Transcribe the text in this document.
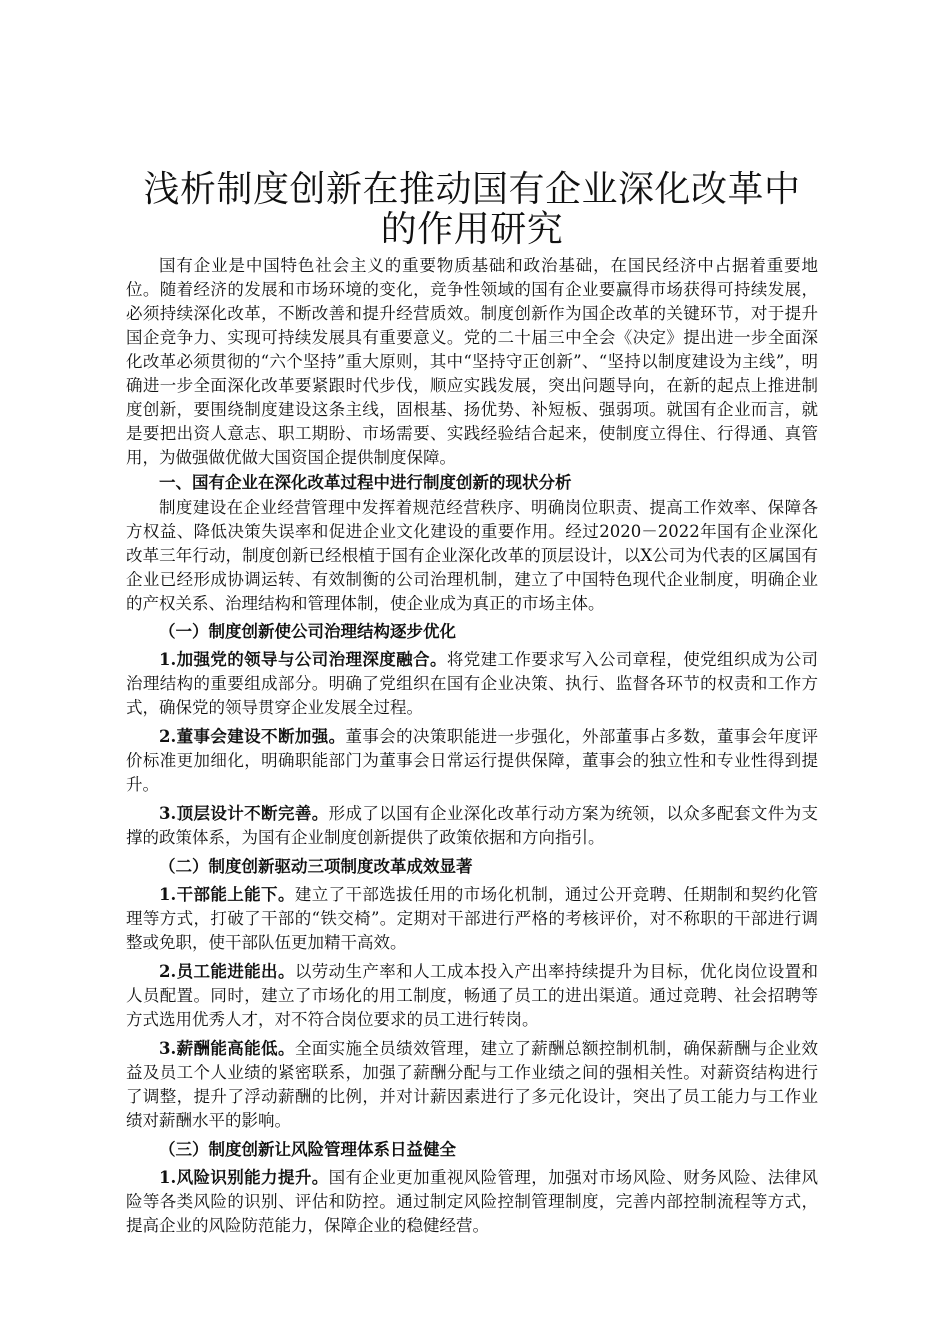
浅析制度创新在推动国有企业深化改革中的作用研究

国有企业是中国特色社会主义的重要物质基础和政治基础，在国民经济中占据着重要地位。随着经济的发展和市场环境的变化，竞争性领域的国有企业要赢得市场获得可持续发展，必须持续深化改革，不断改善和提升经营质效。制度创新作为国企改革的关键环节，对于提升国企竞争力、实现可持续发展具有重要意义。党的二十届三中全会《决定》提出进一步全面深化改革必须贯彻的“六个坚持”重大原则，其中“坚持守正创新”、“坚持以制度建设为主线”，明确进一步全面深化改革要紧跟时代步伐，顺应实践发展，突出问题导向，在新的起点上推进制度创新，要围绕制度建设这条主线，固根基、扬优势、补短板、强弱项。就国有企业而言，就是要把出资人意志、职工期盼、市场需要、实践经验结合起来，使制度立得住、行得通、真管用，为做强做优做大国资国企提供制度保障。

一、国有企业在深化改革过程中进行制度创新的现状分析

制度建设在企业经营管理中发挥着规范经营秩序、明确岗位职责、提高工作效率、保障各方权益、降低决策失误率和促进企业文化建设的重要作用。经过2020－2022年国有企业深化改革三年行动，制度创新已经根植于国有企业深化改革的顶层设计，以X公司为代表的区属国有企业已经形成协调运转、有效制衡的公司治理机制，建立了中国特色现代企业制度，明确企业的产权关系、治理结构和管理体制，使企业成为真正的市场主体。

（一）制度创新使公司治理结构逐步优化

1.加强党的领导与公司治理深度融合。将党建工作要求写入公司章程，使党组织成为公司治理结构的重要组成部分。明确了党组织在国有企业决策、执行、监督各环节的权责和工作方式，确保党的领导贯穿企业发展全过程。

2.董事会建设不断加强。董事会的决策职能进一步强化，外部董事占多数，董事会年度评价标准更加细化，明确职能部门为董事会日常运行提供保障，董事会的独立性和专业性得到提升。

3.顶层设计不断完善。形成了以国有企业深化改革行动方案为统领，以众多配套文件为支撑的政策体系，为国有企业制度创新提供了政策依据和方向指引。

（二）制度创新驱动三项制度改革成效显著

1.干部能上能下。建立了干部选拔任用的市场化机制，通过公开竞聘、任期制和契约化管理等方式，打破了干部的“铁交椅”。定期对干部进行严格的考核评价，对不称职的干部进行调整或免职，使干部队伍更加精干高效。

2.员工能进能出。以劳动生产率和人工成本投入产出率持续提升为目标，优化岗位设置和人员配置。同时，建立了市场化的用工制度，畅通了员工的进出渠道。通过竞聘、社会招聘等方式选用优秀人才，对不符合岗位要求的员工进行转岗。

3.薪酬能高能低。全面实施全员绩效管理，建立了薪酬总额控制机制，确保薪酬与企业效益及员工个人业绩的紧密联系，加强了薪酬分配与工作业绩之间的强相关性。对薪资结构进行了调整，提升了浮动薪酬的比例，并对计薪因素进行了多元化设计，突出了员工能力与工作业绩对薪酬水平的影响。

（三）制度创新让风险管理体系日益健全

1.风险识别能力提升。国有企业更加重视风险管理，加强对市场风险、财务风险、法律风险等各类风险的识别、评估和防控。通过制定风险控制管理制度，完善内部控制流程等方式，提高企业的风险防范能力，保障企业的稳健经营。
